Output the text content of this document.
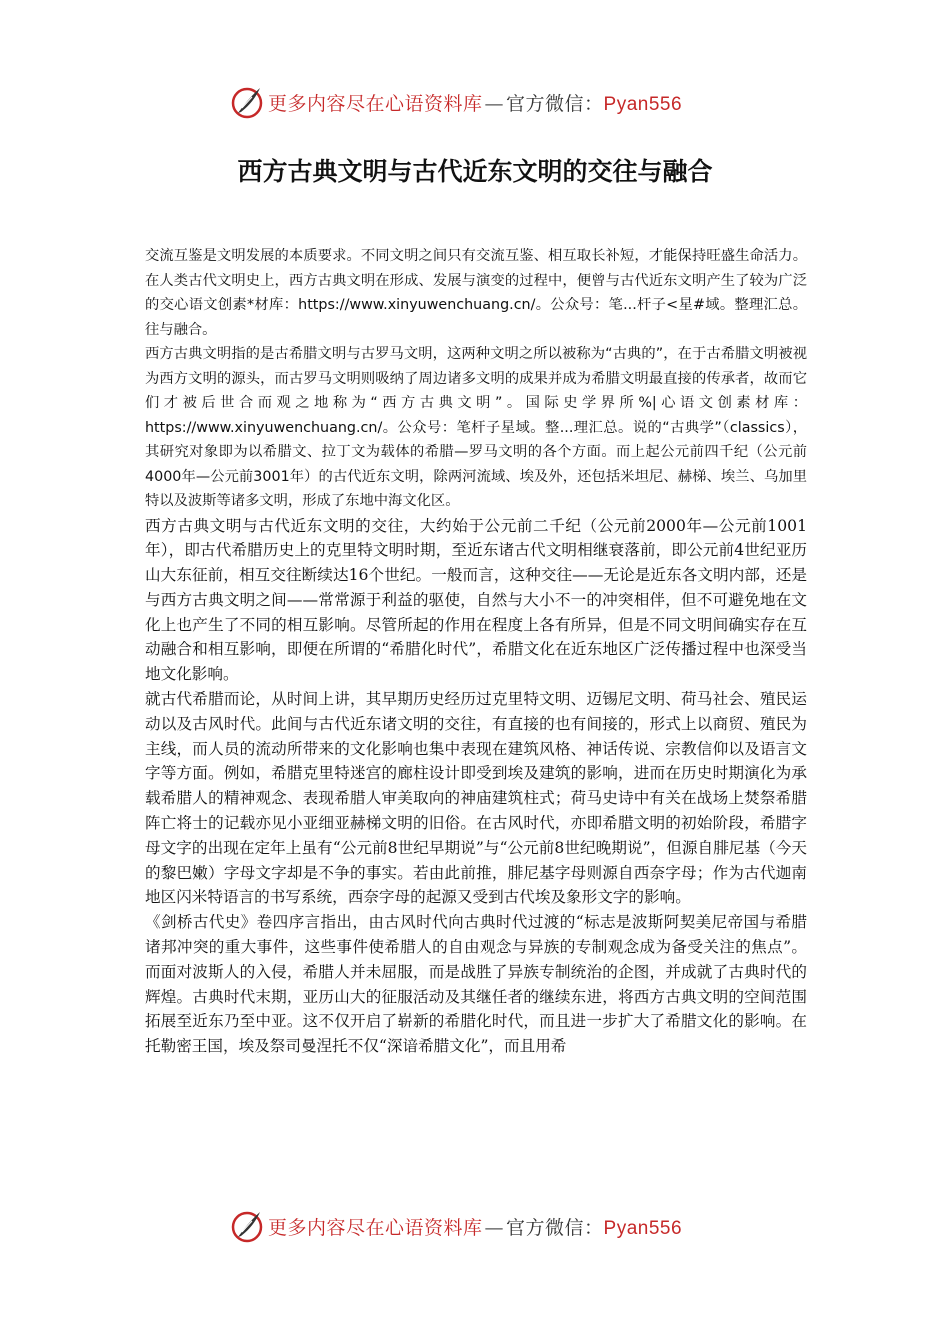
更多内容尽在心语资料库 — 官方微信：Pyan556
西方古典文明与古代近东文明的交往与融合

交流互鉴是文明发展的本质要求。不同文明之间只有交流互鉴、相互取长补短，才能保持旺盛生命活力。在人类古代文明史上，西方古典文明在形成、发展与演变的过程中，便曾与古代近东文明产生了较为广泛的交心语文创素*材库：https://www.xinyuwenchuang.cn/。公众号：笔...杆子<星#域。整理汇总。往与融合。

西方古典文明指的是古希腊文明与古罗马文明，这两种文明之所以被称为“古典的”，在于古希腊文明被视为西方文明的源头，而古罗马文明则吸纳了周边诸多文明的成果并成为希腊文明最直接的传承者，故而它们才被后世合而观之地称为“西方古典文明”。国际史学界所%|心语文创素材库：https://www.xinyuwenchuang.cn/。公众号：笔杆子星域。整...理汇总。说的“古典学”（classics），其研究对象即为以希腊文、拉丁文为载体的希腊—罗马文明的各个方面。而上起公元前四千纪（公元前4000年—公元前3001年）的古代近东文明，除两河流域、埃及外，还包括米坦尼、赫梯、埃兰、乌加里特以及波斯等诸多文明，形成了东地中海文化区。

西方古典文明与古代近东文明的交往，大约始于公元前二千纪（公元前2000年—公元前1001年），即古代希腊历史上的克里特文明时期，至近东诸古代文明相继衰落前，即公元前4世纪亚历山大东征前，相互交往断续达16个世纪。一般而言，这种交往——无论是近东各文明内部，还是与西方古典文明之间——常常源于利益的驱使，自然与大小不一的冲突相伴，但不可避免地在文化上也产生了不同的相互影响。尽管所起的作用在程度上各有所异，但是不同文明间确实存在互动融合和相互影响，即便在所谓的“希腊化时代”，希腊文化在近东地区广泛传播过程中也深受当地文化影响。

就古代希腊而论，从时间上讲，其早期历史经历过克里特文明、迈锡尼文明、荷马社会、殖民运动以及古风时代。此间与古代近东诸文明的交往，有直接的也有间接的，形式上以商贸、殖民为主线，而人员的流动所带来的文化影响也集中表现在建筑风格、神话传说、宗教信仰以及语言文字等方面。例如，希腊克里特迷宫的廊柱设计即受到埃及建筑的影响，进而在历史时期演化为承载希腊人的精神观念、表现希腊人审美取向的神庙建筑柱式；荷马史诗中有关在战场上焚祭希腊阵亡将士的记载亦见小亚细亚赫梯文明的旧俗。在古风时代，亦即希腊文明的初始阶段，希腊字母文字的出现在定年上虽有“公元前8世纪早期说”与“公元前8世纪晚期说”，但源自腓尼基（今天的黎巴嫩）字母文字却是不争的事实。若由此前推，腓尼基字母则源自西奈字母；作为古代迦南地区闪米特语言的书写系统，西奈字母的起源又受到古代埃及象形文字的影响。

《剑桥古代史》卷四序言指出，由古风时代向古典时代过渡的“标志是波斯阿契美尼帝国与希腊诸邦冲突的重大事件，这些事件使希腊人的自由观念与异族的专制观念成为备受关注的焦点”。而面对波斯人的入侵，希腊人并未屈服，而是战胜了异族专制统治的企图，并成就了古典时代的辉煌。古典时代末期，亚历山大的征服活动及其继任者的继续东进，将西方古典文明的空间范围拓展至近东乃至中亚。这不仅开启了崭新的希腊化时代，而且进一步扩大了希腊文化的影响。在托勒密王国，埃及祭司曼涅托不仅“深谙希腊文化”，而且用希

更多内容尽在心语资料库 — 官方微信：Pyan556
